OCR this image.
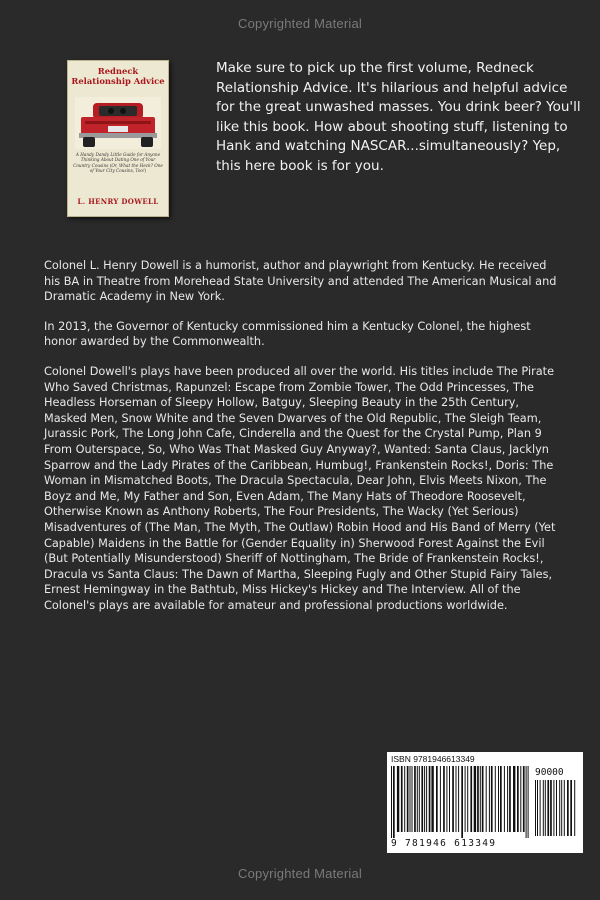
Copyrighted Material
Redneck Relationship Advice
A Handy Dandy Little Guide for Anyone Thinking About Dating One of Your Country Cousins (Or, What the Heck? One of Your City Cousins, Too!)
L. HENRY DOWELL

Make sure to pick up the first volume, Redneck Relationship Advice. It's hilarious and helpful advice for the great unwashed masses. You drink beer? You'll like this book. How about shooting stuff, listening to Hank and watching NASCAR...simultaneously? Yep, this here book is for you.

Colonel L. Henry Dowell is a humorist, author and playwright from Kentucky. He received his BA in Theatre from Morehead State University and attended The American Musical and Dramatic Academy in New York.

In 2013, the Governor of Kentucky commissioned him a Kentucky Colonel, the highest honor awarded by the Commonwealth.

Colonel Dowell's plays have been produced all over the world. His titles include The Pirate Who Saved Christmas, Rapunzel: Escape from Zombie Tower, The Odd Princesses, The Headless Horseman of Sleepy Hollow, Batguy, Sleeping Beauty in the 25th Century, Masked Men, Snow White and the Seven Dwarves of the Old Republic, The Sleigh Team, Jurassic Pork, The Long John Cafe, Cinderella and the Quest for the Crystal Pump, Plan 9 From Outerspace, So, Who Was That Masked Guy Anyway?, Wanted: Santa Claus, Jacklyn Sparrow and the Lady Pirates of the Caribbean, Humbug!, Frankenstein Rocks!, Doris: The Woman in Mismatched Boots, The Dracula Spectacula, Dear John, Elvis Meets Nixon, The Boyz and Me, My Father and Son, Even Adam, The Many Hats of Theodore Roosevelt, Otherwise Known as Anthony Roberts, The Four Presidents, The Wacky (Yet Serious) Misadventures of (The Man, The Myth, The Outlaw) Robin Hood and His Band of Merry (Yet Capable) Maidens in the Battle for (Gender Equality in) Sherwood Forest Against the Evil (But Potentially Misunderstood) Sheriff of Nottingham, The Bride of Frankenstein Rocks!, Dracula vs Santa Claus: The Dawn of Martha, Sleeping Fugly and Other Stupid Fairy Tales, Ernest Hemingway in the Bathtub, Miss Hickey's Hickey and The Interview. All of the Colonel's plays are available for amateur and professional productions worldwide.

ISBN 9781946613349
90000
9 781946 613349
Copyrighted Material
